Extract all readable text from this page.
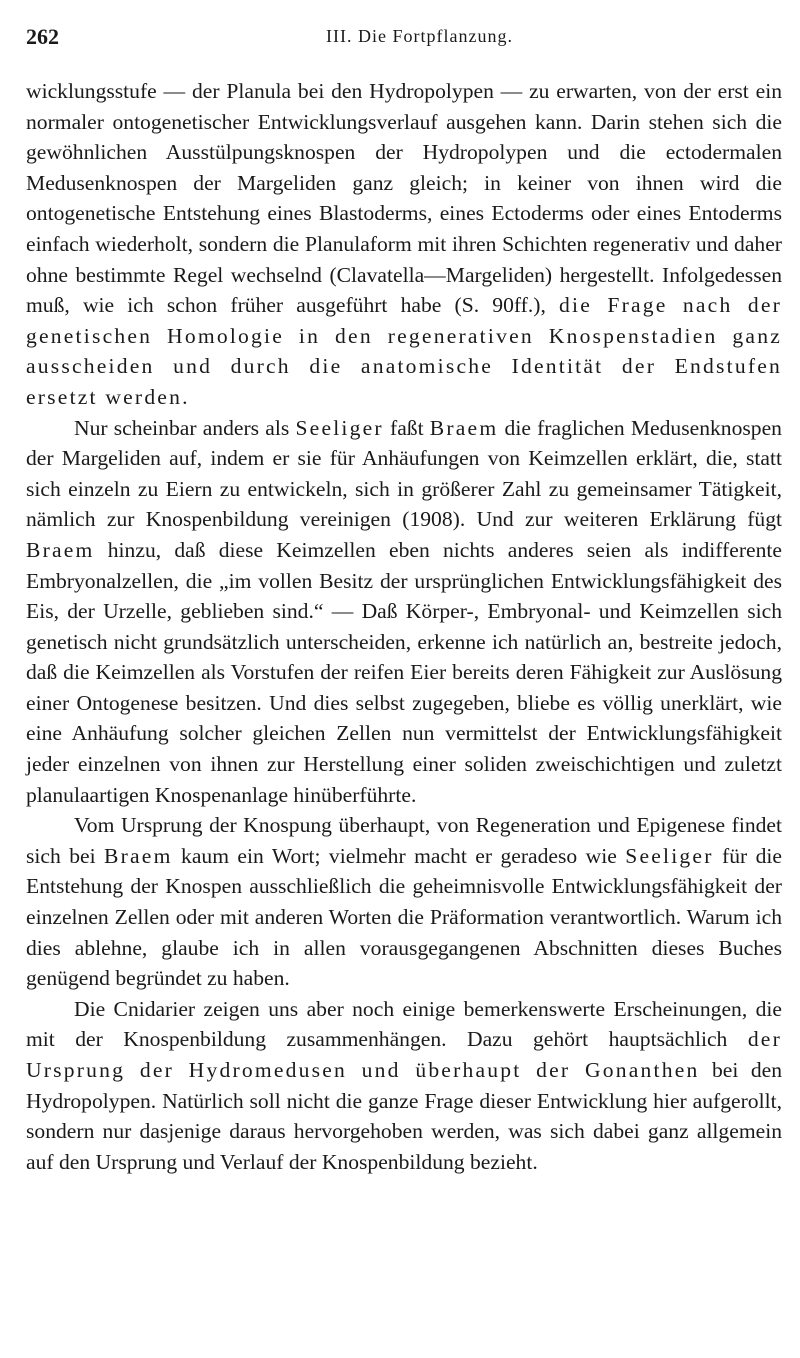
262	III. Die Fortpflanzung.

wicklungsstufe — der Planula bei den Hydropolypen — zu erwarten, von der erst ein normaler ontogenetischer Entwicklungsverlauf ausgehen kann. Darin stehen sich die gewöhnlichen Ausstülpungsknospen der Hydropolypen und die ectodermalen Medusenknospen der Margeliden ganz gleich; in keiner von ihnen wird die ontogenetische Entstehung eines Blastoderms, eines Ectoderms oder eines Entoderms einfach wiederholt, sondern die Planulaform mit ihren Schichten regenerativ und daher ohne bestimmte Regel wechselnd (Clavatella—Margeliden) hergestellt. Infolgedessen muß, wie ich schon früher ausgeführt habe (S. 90ff.), die Frage nach der genetischen Homologie in den regenerativen Knospenstadien ganz ausscheiden und durch die anatomische Identität der Endstufen ersetzt werden.

Nur scheinbar anders als Seeliger faßt Braem die fraglichen Medusenknospen der Margeliden auf, indem er sie für Anhäufungen von Keimzellen erklärt, die, statt sich einzeln zu Eiern zu entwickeln, sich in größerer Zahl zu gemeinsamer Tätigkeit, nämlich zur Knospenbildung vereinigen (1908). Und zur weiteren Erklärung fügt Braem hinzu, daß diese Keimzellen eben nichts anderes seien als indifferente Embryonalzellen, die „im vollen Besitz der ursprünglichen Entwicklungsfähigkeit des Eis, der Urzelle, geblieben sind.“ — Daß Körper-, Embryonal- und Keimzellen sich genetisch nicht grundsätzlich unterscheiden, erkenne ich natürlich an, bestreite jedoch, daß die Keimzellen als Vorstufen der reifen Eier bereits deren Fähigkeit zur Auslösung einer Ontogenese besitzen. Und dies selbst zugegeben, bliebe es völlig unerklärt, wie eine Anhäufung solcher gleichen Zellen nun vermittelst der Entwicklungsfähigkeit jeder einzelnen von ihnen zur Herstellung einer soliden zweischichtigen und zuletzt planulaartigen Knospenanlage hinüberführte.

Vom Ursprung der Knospung überhaupt, von Regeneration und Epigenese findet sich bei Braem kaum ein Wort; vielmehr macht er geradeso wie Seeliger für die Entstehung der Knospen ausschließlich die geheimnisvolle Entwicklungsfähigkeit der einzelnen Zellen oder mit anderen Worten die Präformation verantwortlich. Warum ich dies ablehne, glaube ich in allen vorausgegangenen Abschnitten dieses Buches genügend begründet zu haben.

Die Cnidarier zeigen uns aber noch einige bemerkenswerte Erscheinungen, die mit der Knospenbildung zusammenhängen. Dazu gehört hauptsächlich der Ursprung der Hydromedusen und überhaupt der Gonanthen bei den Hydropolypen. Natürlich soll nicht die ganze Frage dieser Entwicklung hier aufgerollt, sondern nur dasjenige daraus hervorgehoben werden, was sich dabei ganz allgemein auf den Ursprung und Verlauf der Knospenbildung bezieht.
